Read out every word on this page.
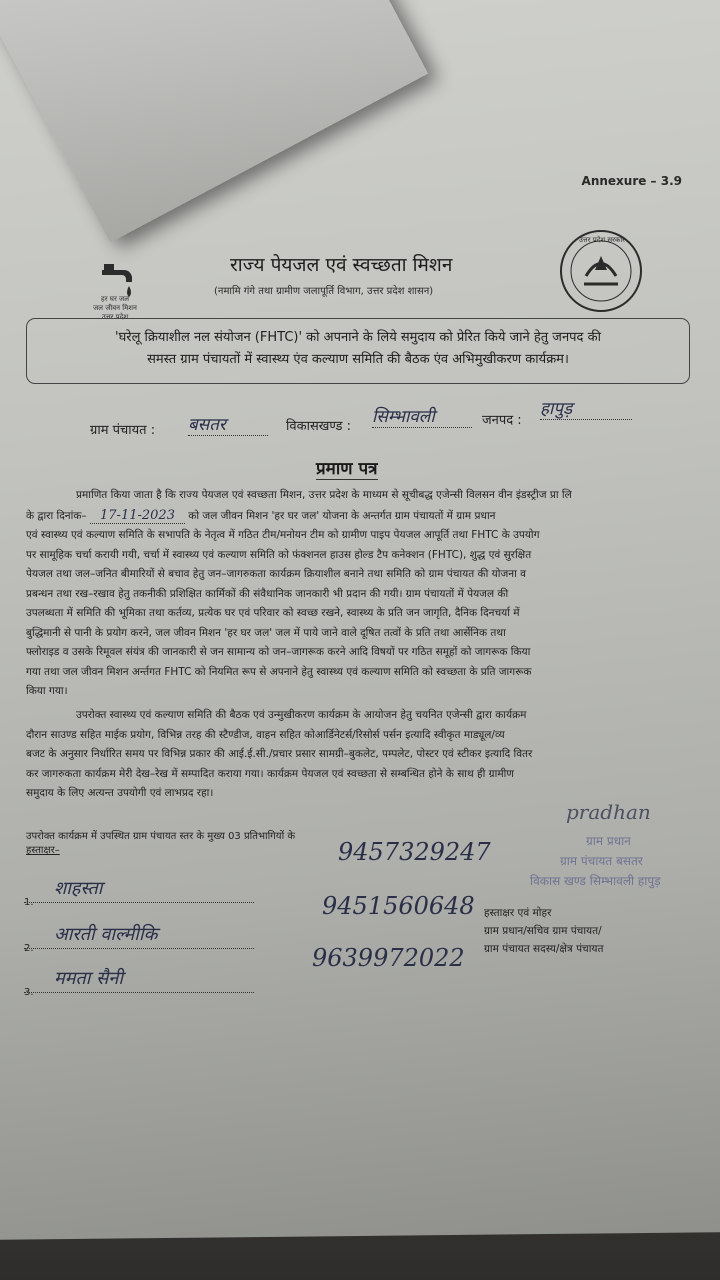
Annexure – 3.9
हर घर जल
जल जीवन मिशन
उत्तर प्रदेश
राज्य पेयजल एवं स्वच्छता मिशन
(नमामि गंगे तथा ग्रामीण जलापूर्ति विभाग, उत्तर प्रदेश शासन)
उत्तर प्रदेश सरकार
'घरेलू क्रियाशील नल संयोजन (FHTC)' को अपनाने के लिये समुदाय को प्रेरित किये जाने हेतु जनपद की
समस्त ग्राम पंचायतों में स्वास्थ्य एंव कल्याण समिति की बैठक एंव अभिमुखीकरण कार्यक्रम।
ग्राम पंचायत : बसतर	विकासखण्ड : सिम्भावली	जनपद :
हापुड़
प्रमाण पत्र
प्रमाणित किया जाता है कि राज्य पेयजल एवं स्वच्छता मिशन, उत्तर प्रदेश के माध्यम से सूचीबद्ध एजेन्सी विलसन वीन इंडस्ट्रीज प्रा लि
के द्वारा दिनांक– 17-11-2023 को जल जीवन मिशन 'हर घर जल' योजना के अन्तर्गत ग्राम पंचायतों में ग्राम प्रधान
एवं स्वास्थ्य एवं कल्याण समिति के सभापति के नेतृत्व में गठित टीम/मनोयन टीम को ग्रामीण पाइप पेयजल आपूर्ति तथा FHTC के उपयोग
पर सामूहिक चर्चा करायी गयी, चर्चा में स्वास्थ्य एवं कल्याण समिति को फंक्शनल हाउस होल्ड टैप कनेक्शन (FHTC), शुद्ध एवं सुरक्षित
पेयजल तथा जल–जनित बीमारियों से बचाव हेतु जन–जागरुकता कार्यक्रम क्रियाशील बनाने तथा समिति को ग्राम पंचायत की योजना व
प्रबन्धन तथा रख–रखाव हेतु तकनीकी प्रशिक्षित कार्मिकों की संवैधानिक जानकारी भी प्रदान की गयी। ग्राम पंचायतों में पेयजल की
उपलब्धता में समिति की भूमिका तथा कर्तव्य, प्रत्येक घर एवं परिवार को स्वच्छ रखने, स्वास्थ्य के प्रति जन जागृति, दैनिक दिनचर्या में
बुद्धिमानी से पानी के प्रयोग करने, जल जीवन मिशन 'हर घर जल' जल में पाये जाने वाले दूषित तत्वों के प्रति तथा आर्सेनिक तथा
फ्लोराइड व उसके रिमूवल संयंत्र की जानकारी से जन सामान्य को जन–जागरूक करने आदि विषयों पर गठित समूहों को जागरूक किया
गया तथा जल जीवन मिशन अर्न्तगत FHTC को नियमित रूप से अपनाने हेतु स्वास्थ्य एवं कल्याण समिति को स्वच्छता के प्रति जागरूक
किया गया।
उपरोक्त स्वास्थ्य एवं कल्याण समिति की बैठक एवं उन्मुखीकरण कार्यक्रम के आयोजन हेतु चयनित एजेन्सी द्वारा कार्यक्रम
दौरान साउण्ड सहित माईक प्रयोग, विभिन्न तरह की स्टैण्डीज, वाहन सहित कोआर्डिनेटर्स/रिसोर्स पर्सन इत्यादि स्वीकृत माड्यूल/व्य
बजट के अनुसार निर्धारित समय पर विभिन्न प्रकार की आई.ई.सी./प्रचार प्रसार सामग्री–बुकलेट, पम्पलेट, पोस्टर एवं स्टीकर इत्यादि वितर
कर जागरुकता कार्यक्रम मेरी देख–रेख में सम्पादित कराया गया। कार्यक्रम पेयजल एवं स्वच्छता से सम्बन्धित होने के साथ ही ग्रामीण
समुदाय के लिए अत्यन्त उपयोगी एवं लाभप्रद रहा।
उपरोक्त कार्यक्रम में उपस्थित ग्राम पंचायत स्तर के मुख्य 03 प्रतिभागियों के
हस्ताक्षर–
1.
शाहस्ता
2.
आरती वाल्मीकि
3.
ममता सैनी
9457329247
9451560648
9639972022
pradhan
ग्राम प्रधान
ग्राम पंचायत बसतर
विकास खण्ड सिम्भावली हापुड़
हस्ताक्षर एवं मोहर
ग्राम प्रधान/सचिव ग्राम पंचायत/
ग्राम पंचायत सदस्य/क्षेत्र पंचायत
